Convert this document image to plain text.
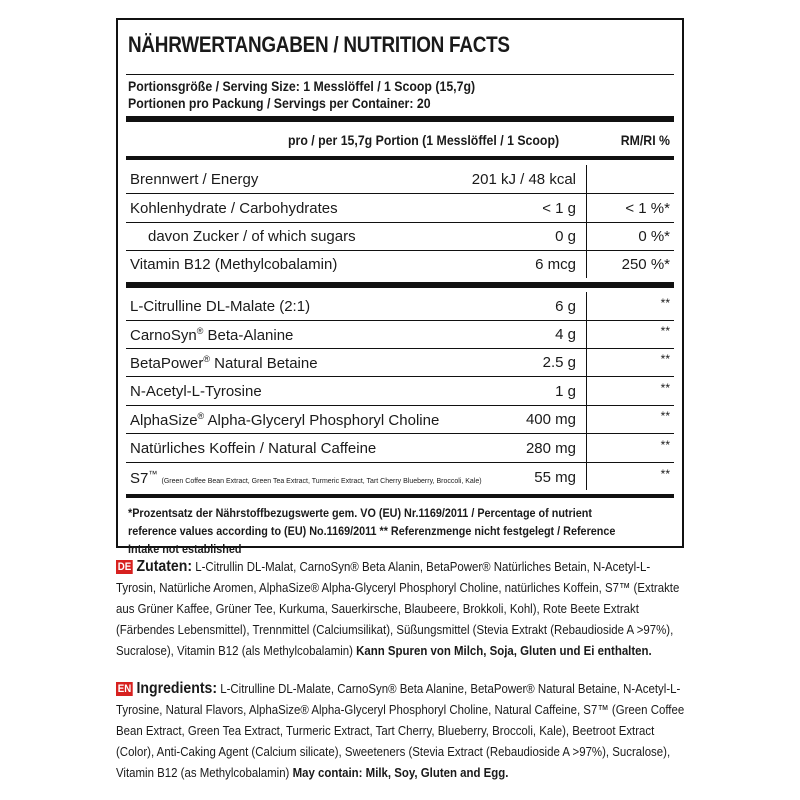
NÄHRWERTANGABEN / NUTRITION FACTS
Portionsgröße / Serving Size: 1 Messlöffel / 1 Scoop (15,7g)
Portionen pro Packung / Servings per Container: 20
pro / per 15,7g Portion (1 Messlöffel / 1 Scoop)	RM/RI %
Brennwert / Energy	201 kJ / 48 kcal
Kohlenhydrate / Carbohydrates	< 1 g	< 1 %*
davon Zucker / of which sugars	0 g	0 %*
Vitamin B12 (Methylcobalamin)	6 mcg	250 %*
L-Citrulline DL-Malate (2:1)	6 g	**
CarnoSyn® Beta-Alanine	4 g	**
BetaPower® Natural Betaine	2.5 g	**
N-Acetyl-L-Tyrosine	1 g	**
AlphaSize® Alpha-Glyceryl Phosphoryl Choline	400 mg	**
Natürliches Koffein / Natural Caffeine	280 mg	**
S7™ (Green Coffee Bean Extract, Green Tea Extract, Turmeric Extract, Tart Cherry Blueberry, Broccoli, Kale)	55 mg	**
*Prozentsatz der Nährstoffbezugswerte gem. VO (EU) Nr.1169/2011 / Percentage of nutrient reference values according to (EU) No.1169/2011 ** Referenzmenge nicht festgelegt / Reference Intake not established
DE Zutaten: L-Citrullin DL-Malat, CarnoSyn® Beta Alanin, BetaPower® Natürliches Betain, N-Acetyl-L-Tyrosin, Natürliche Aromen, AlphaSize® Alpha-Glyceryl Phosphoryl Choline, natürliches Koffein, S7™ (Extrakte aus Grüner Kaffee, Grüner Tee, Kurkuma, Sauerkirsche, Blaubeere, Brokkoli, Kohl), Rote Beete Extrakt (Färbendes Lebensmittel), Trennmittel (Calciumsilikat), Süßungsmittel (Stevia Extrakt (Rebaudioside A >97%), Sucralose), Vitamin B12 (als Methylcobalamin) Kann Spuren von Milch, Soja, Gluten und Ei enthalten.
EN Ingredients: L-Citrulline DL-Malate, CarnoSyn® Beta Alanine, BetaPower® Natural Betaine, N-Acetyl-L-Tyrosine, Natural Flavors, AlphaSize® Alpha-Glyceryl Phosphoryl Choline, Natural Caffeine, S7™ (Green Coffee Bean Extract, Green Tea Extract, Turmeric Extract, Tart Cherry, Blueberry, Broccoli, Kale), Beetroot Extract (Color), Anti-Caking Agent (Calcium silicate), Sweeteners (Stevia Extract (Rebaudioside A >97%), Sucralose), Vitamin B12 (as Methylcobalamin) May contain: Milk, Soy, Gluten and Egg.
